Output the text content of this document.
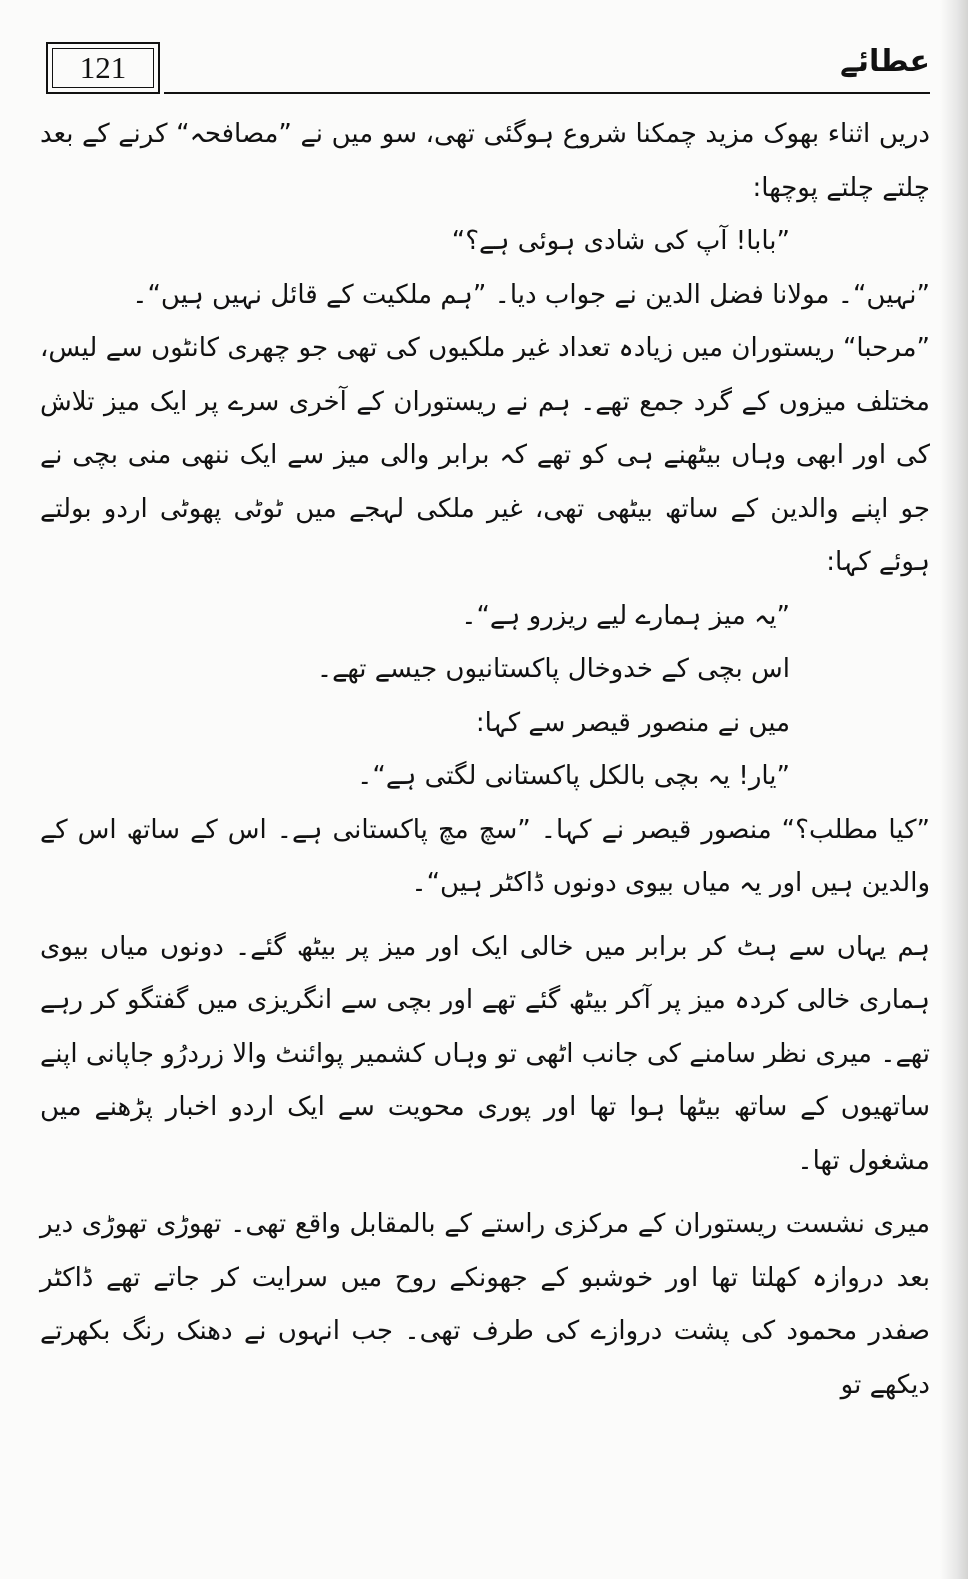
121	عطائے

دریں اثناء بھوک مزید چمکنا شروع ہوگئی تھی، سو میں نے ”مصافحہ“ کرنے کے بعد چلتے چلتے پوچھا:

”بابا! آپ کی شادی ہوئی ہے؟“

”نہیں“۔ مولانا فضل الدین نے جواب دیا۔ ”ہم ملکیت کے قائل نہیں ہیں“۔

”مرحبا“ ریستوران میں زیادہ تعداد غیر ملکیوں کی تھی جو چھری کانٹوں سے لیس، مختلف میزوں کے گرد جمع تھے۔ ہم نے ریستوران کے آخری سرے پر ایک میز تلاش کی اور ابھی وہاں بیٹھنے ہی کو تھے کہ برابر والی میز سے ایک ننھی منی بچی نے جو اپنے والدین کے ساتھ بیٹھی تھی، غیر ملکی لہجے میں ٹوٹی پھوٹی اردو بولتے ہوئے کہا:

”یہ میز ہمارے لیے ریزرو ہے“۔

اس بچی کے خدوخال پاکستانیوں جیسے تھے۔

میں نے منصور قیصر سے کہا:

”یار! یہ بچی بالکل پاکستانی لگتی ہے“۔

”کیا مطلب؟“ منصور قیصر نے کہا۔ ”سچ مچ پاکستانی ہے۔ اس کے ساتھ اس کے والدین ہیں اور یہ میاں بیوی دونوں ڈاکٹر ہیں“۔

ہم یہاں سے ہٹ کر برابر میں خالی ایک اور میز پر بیٹھ گئے۔ دونوں میاں بیوی ہماری خالی کردہ میز پر آکر بیٹھ گئے تھے اور بچی سے انگریزی میں گفتگو کر رہے تھے۔ میری نظر سامنے کی جانب اٹھی تو وہاں کشمیر پوائنٹ والا زردرُو جاپانی اپنے ساتھیوں کے ساتھ بیٹھا ہوا تھا اور پوری محویت سے ایک اردو اخبار پڑھنے میں مشغول تھا۔

میری نشست ریستوران کے مرکزی راستے کے بالمقابل واقع تھی۔ تھوڑی تھوڑی دیر بعد دروازہ کھلتا تھا اور خوشبو کے جھونکے روح میں سرایت کر جاتے تھے ڈاکٹر صفدر محمود کی پشت دروازے کی طرف تھی۔ جب انہوں نے دھنک رنگ بکھرتے دیکھے تو
